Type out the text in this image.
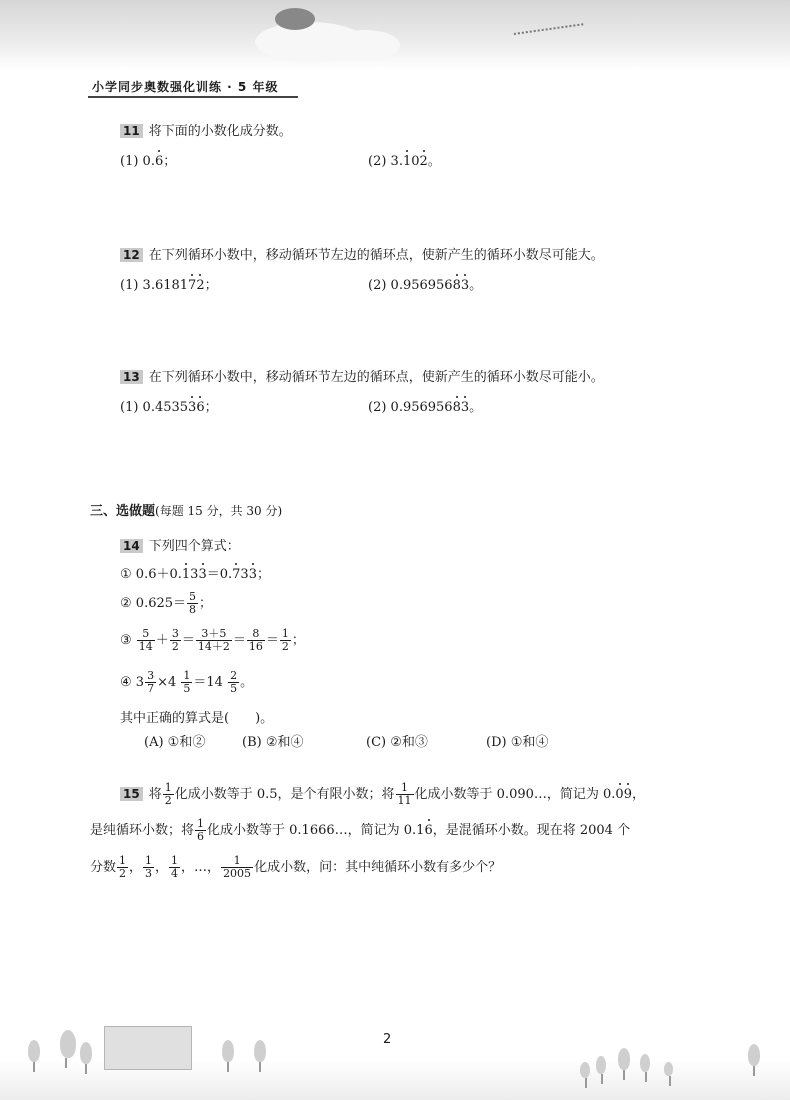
小学同步奥数强化训练 · 5 年级
11 将下面的小数化成分数。
(1) 0.6；	(2) 3.102。
12 在下列循环小数中，移动循环节左边的循环点，使新产生的循环小数尽可能大。
(1) 3.618172；	(2) 0.95695683。
13 在下列循环小数中，移动循环节左边的循环点，使新产生的循环小数尽可能小。
(1) 0.453536；	(2) 0.95695683。
三、选做题(每题 15 分，共 30 分)
14 下列四个算式：
① 0.6＋0.133＝0.733；
② $0.625= \frac{5}{8}$ ；
③ $\frac{5}{14} + \frac{3}{2} = \frac{3+5}{14+2} = \frac{8}{16} = \frac{1}{2}$ ；
④ $3 \frac{3}{7} \times 4 \frac{1}{5} =14 \frac{2}{5}$ 。
其中正确的算式是(　　)。
(A) ①和②	(B) ②和④	(C) ②和③	(D) ①和④
15 将 $\frac{1}{2}$ 化成小数等于 0.5，是个有限小数；将 $\frac{1}{11}$ 化成小数等于 0.090…，简记为 0.09，
是纯循环小数；将 $\frac{1}{6}$ 化成小数等于 0.1666…，简记为 0.16，是混循环小数。现在将 2004 个
分数 $\frac{1}{2}$ ， $\frac{1}{3}$ ， $\frac{1}{4}$ ，…， $\frac{1}{2005}$ 化成小数，问：其中纯循环小数有多少个？
2
